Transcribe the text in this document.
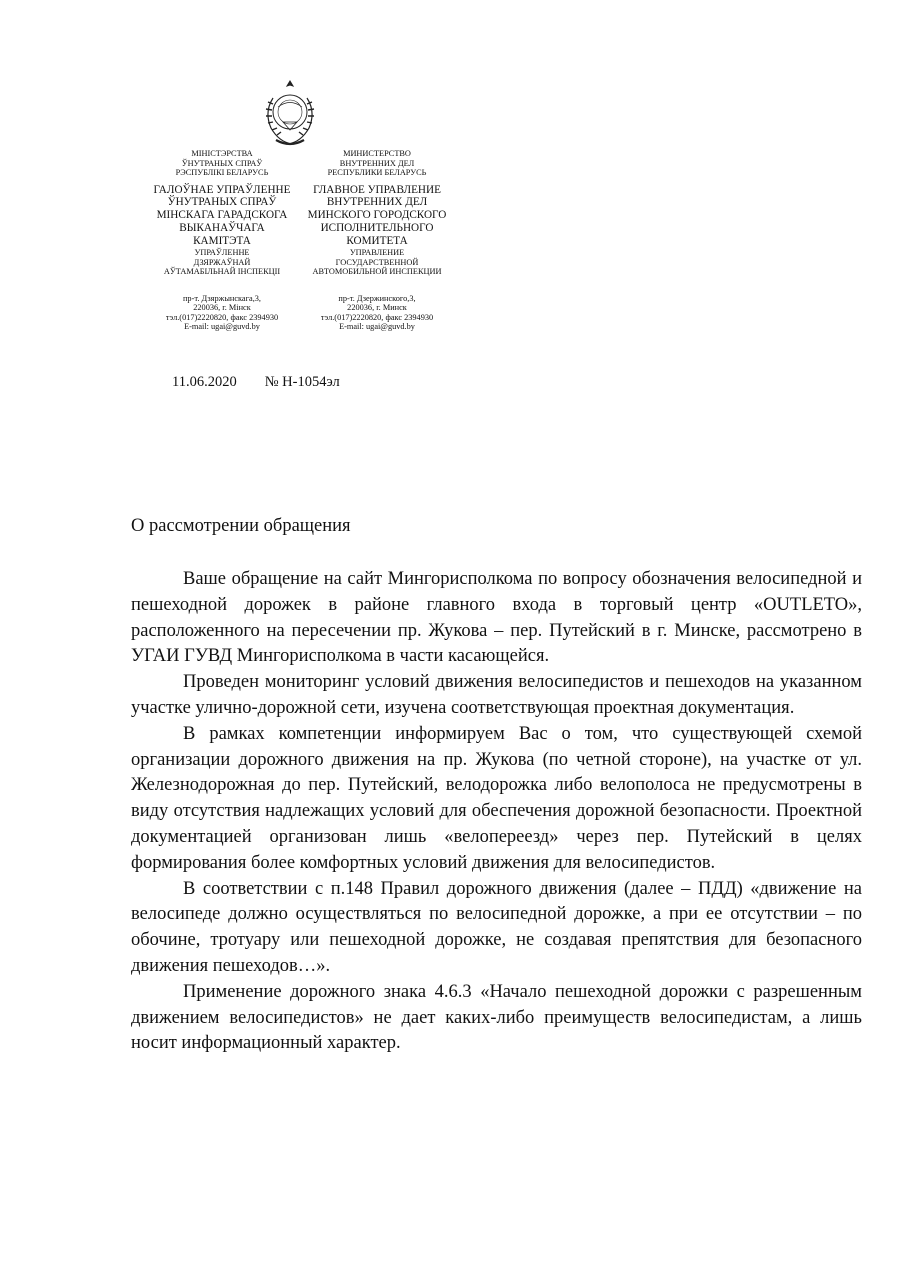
МІНІСТЭРСТВА
ЎНУТРАНЫХ СПРАЎ
РЭСПУБЛІКІ БЕЛАРУСЬ
ГАЛОЎНАЕ УПРАЎЛЕННЕ
ЎНУТРАНЫХ СПРАЎ
МІНСКАГА ГАРАДСКОГА
ВЫКАНАЎЧАГА
КАМІТЭТА
УПРАЎЛЕННЕ
ДЗЯРЖАЎНАЙ
АЎТАМАБІЛЬНАЙ ІНСПЕКЦІІ
пр-т. Дзяржынскага,3,
220036, г. Мінск
тэл.(017)2220820, факс 2394930
E-mail: ugai@guvd.by
МИНИСТЕРСТВО
ВНУТРЕННИХ ДЕЛ
РЕСПУБЛИКИ БЕЛАРУСЬ
ГЛАВНОЕ УПРАВЛЕНИЕ
ВНУТРЕННИХ ДЕЛ
МИНСКОГО ГОРОДСКОГО
ИСПОЛНИТЕЛЬНОГО
КОМИТЕТА
УПРАВЛЕНИЕ
ГОСУДАРСТВЕННОЙ
АВТОМОБИЛЬНОЙ ИНСПЕКЦИИ
пр-т. Дзержинского,3,
220036, г. Минск
тэл.(017)2220820, факс 2394930
E-mail: ugai@guvd.by
11.06.2020 № Н-1054эл
О рассмотрении обращения

Ваше обращение на сайт Мингорисполкома по вопросу обозначения велосипедной и пешеходной дорожек в районе главного входа в торговый центр «OUTLETO», расположенного на пересечении пр. Жукова – пер. Путейский в г. Минске, рассмотрено в УГАИ ГУВД Мингорисполкома в части касающейся.

Проведен мониторинг условий движения велосипедистов и пешеходов на указанном участке улично-дорожной сети, изучена соответствующая проектная документация.

В рамках компетенции информируем Вас о том, что существующей схемой организации дорожного движения на пр. Жукова (по четной стороне), на участке от ул. Железнодорожная до пер. Путейский, велодорожка либо велополоса не предусмотрены в виду отсутствия надлежащих условий для обеспечения дорожной безопасности. Проектной документацией организован лишь «велопереезд» через пер. Путейский в целях формирования более комфортных условий движения для велосипедистов.

В соответствии с п.148 Правил дорожного движения (далее – ПДД) «движение на велосипеде должно осуществляться по велосипедной дорожке, а при ее отсутствии – по обочине, тротуару или пешеходной дорожке, не создавая препятствия для безопасного движения пешеходов…».

Применение дорожного знака 4.6.3 «Начало пешеходной дорожки с разрешенным движением велосипедистов» не дает каких-либо преимуществ велосипедистам, а лишь носит информационный характер.
